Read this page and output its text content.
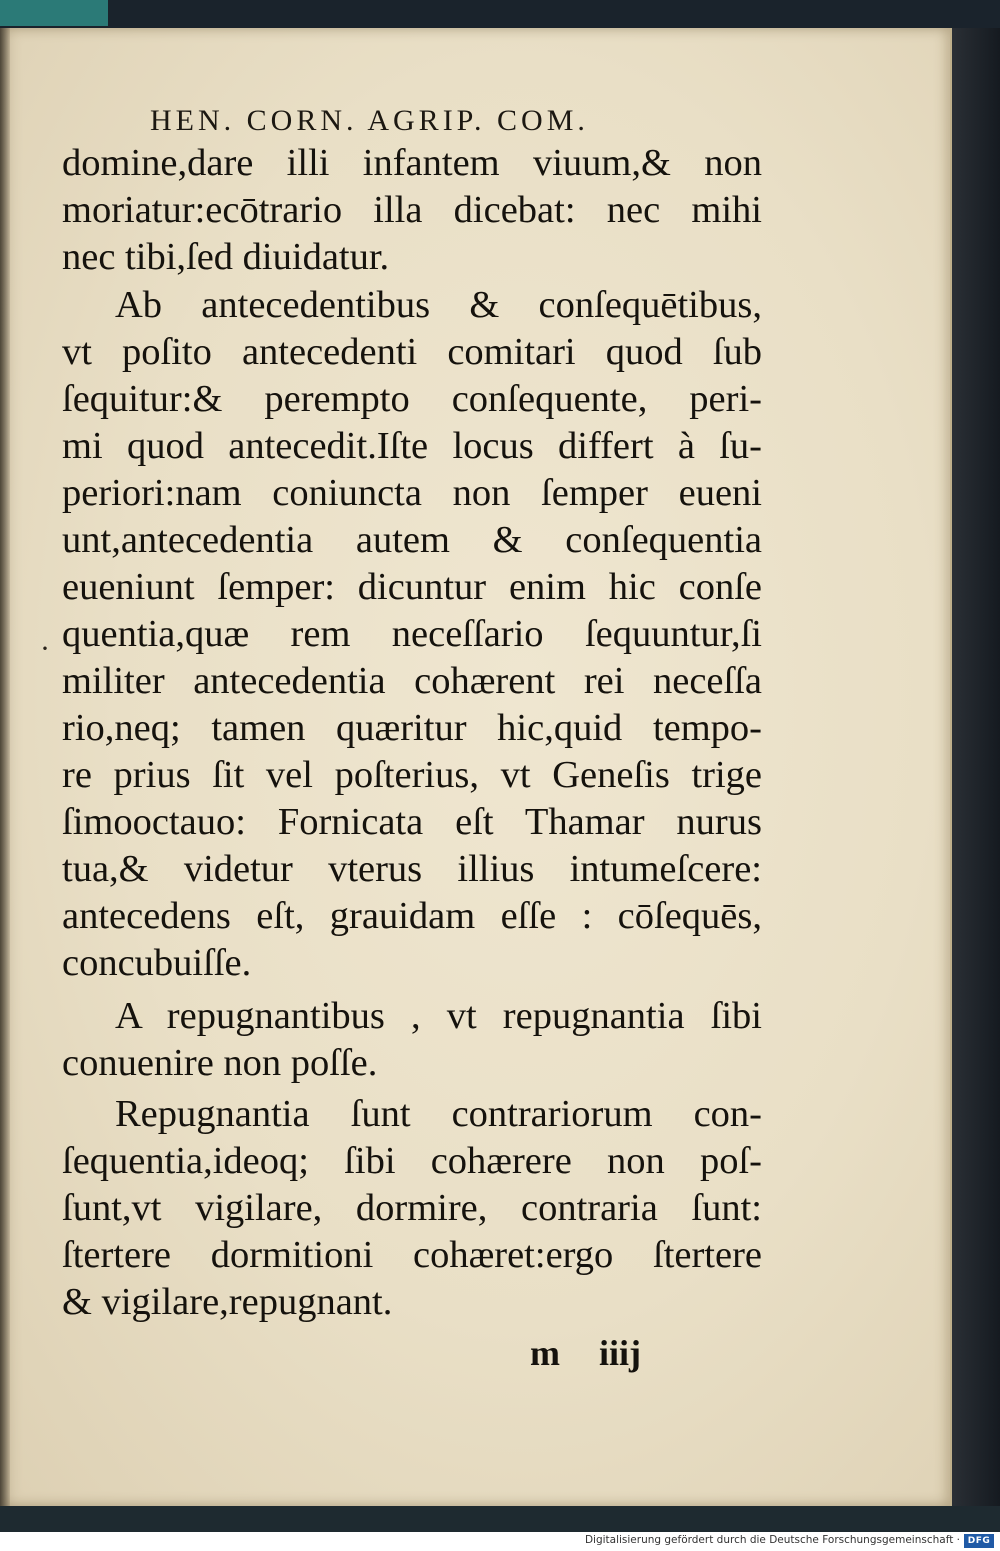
HEN. CORN. AGRIP. COM.
·
domine,dare illi infantem viuum,& non
moriatur:ecōtrario illa dicebat: nec mihi
nec tibi,ſed diuidatur.
Ab antecedentibus & conſequētibus,
vt poſito antecedenti comitari quod ſub
ſequitur:& perempto conſequente, peri-
mi quod antecedit.Iſte locus differt à ſu-
periori:nam coniuncta non ſemper eueni
unt,antecedentia autem & conſequentia
eueniunt ſemper: dicuntur enim hic conſe
quentia,quæ rem neceſſario ſequuntur,ſi
militer antecedentia cohærent rei neceſſa
rio,neq; tamen quæritur hic,quid tempo-
re prius ſit vel poſterius, vt Geneſis trige
ſimooctauo: Fornicata eſt Thamar nurus
tua,& videtur vterus illius intumeſcere:
antecedens eſt, grauidam eſſe : cōſequēs,
concubuiſſe.
A repugnantibus , vt repugnantia ſibi
conuenire non poſſe.
Repugnantia ſunt contrariorum con-
ſequentia,ideoq; ſibi cohærere non poſ-
ſunt,vt vigilare, dormire, contraria ſunt:
ſtertere dormitioni cohæret:ergo ſtertere
& vigilare,repugnant.
m iiij
Digitalisierung gefördert durch die Deutsche Forschungsgemeinschaft · DFG
